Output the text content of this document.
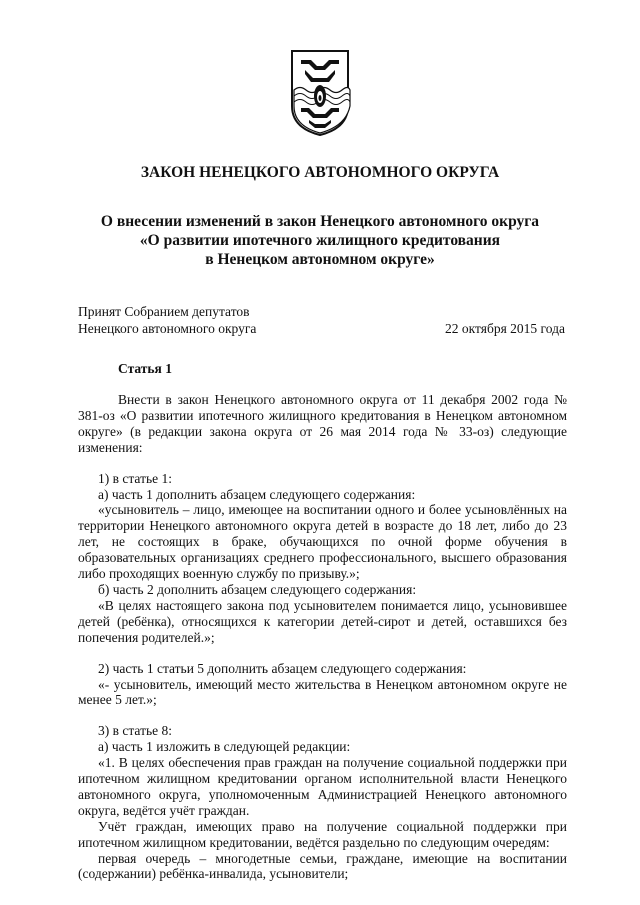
ЗАКОН НЕНЕЦКОГО АВТОНОМНОГО ОКРУГА
О внесении изменений в закон Ненецкого автономного округа
«О развитии ипотечного жилищного кредитования
в Ненецком автономном округе»
Принят Собранием депутатов
Ненецкого автономного округа	22 октября 2015 года
Статья 1

Внести в закон Ненецкого автономного округа от 11 декабря 2002 года № 381-оз «О развитии ипотечного жилищного кредитования в Ненецком автономном округе» (в редакции закона округа от 26 мая 2014 года № 33-оз) следующие изменения:

1) в статье 1:

а) часть 1 дополнить абзацем следующего содержания:

«усыновитель – лицо, имеющее на воспитании одного и более усыновлённых на территории Ненецкого автономного округа детей в возрасте до 18 лет, либо до 23 лет, не состоящих в браке, обучающихся по очной форме обучения в образовательных организациях среднего профессионального, высшего образования либо проходящих военную службу по призыву.»;

б) часть 2 дополнить абзацем следующего содержания:

«В целях настоящего закона под усыновителем понимается лицо, усыновившее детей (ребёнка), относящихся к категории детей-сирот и детей, оставшихся без попечения родителей.»;

2) часть 1 статьи 5 дополнить абзацем следующего содержания:

«- усыновитель, имеющий место жительства в Ненецком автономном округе не менее 5 лет.»;

3) в статье 8:

а) часть 1 изложить в следующей редакции:

«1. В целях обеспечения прав граждан на получение социальной поддержки при ипотечном жилищном кредитовании органом исполнительной власти Ненецкого автономного округа, уполномоченным Администрацией Ненецкого автономного округа, ведётся учёт граждан.

Учёт граждан, имеющих право на получение социальной поддержки при ипотечном жилищном кредитовании, ведётся раздельно по следующим очередям:

первая очередь – многодетные семьи, граждане, имеющие на воспитании (содержании) ребёнка-инвалида, усыновители;
